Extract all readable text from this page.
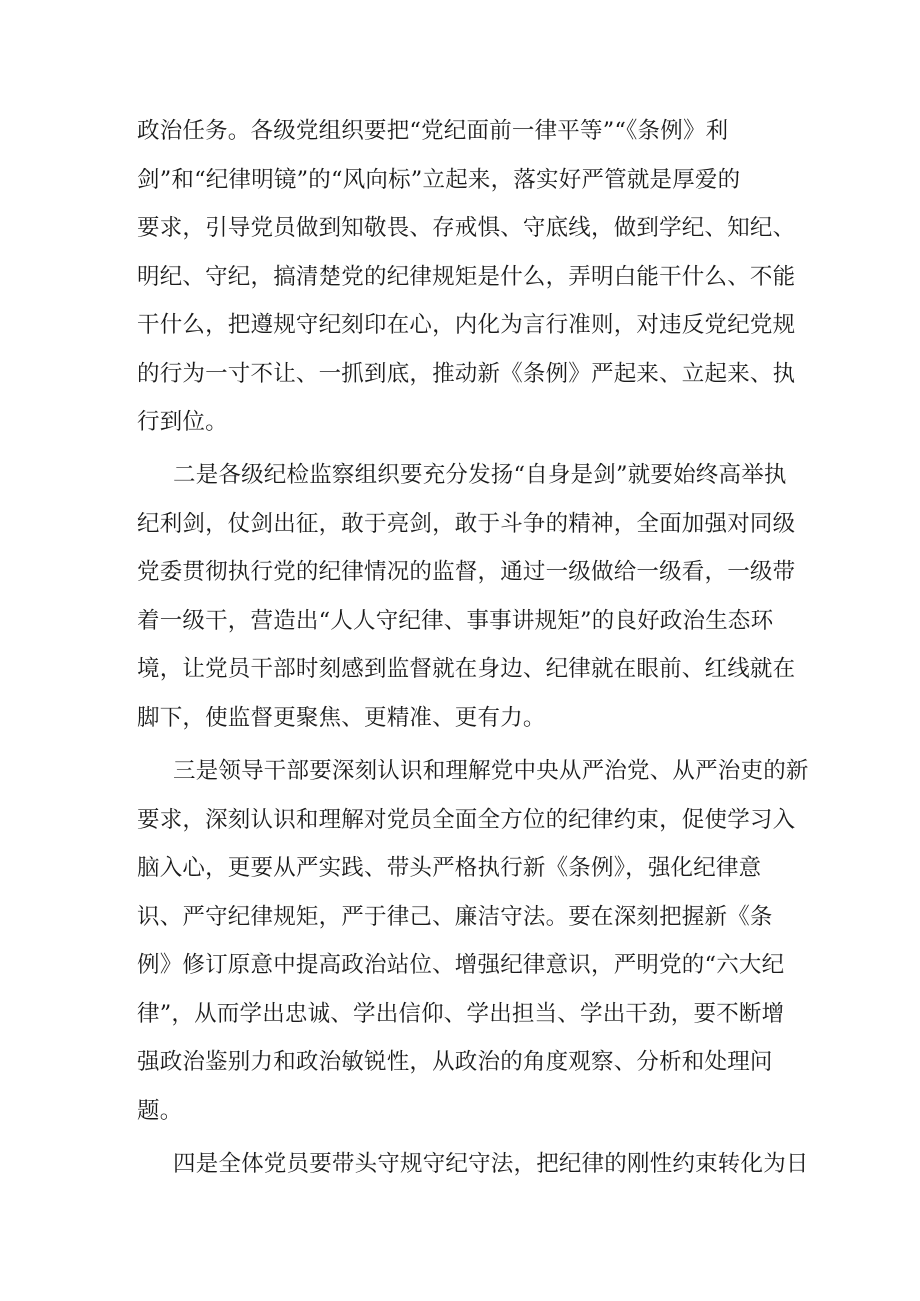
政治任务。各级党组织要把“党纪面前一律平等”“《条例》利

剑”和“纪律明镜”的“风向标”立起来，落实好严管就是厚爱的

要求，引导党员做到知敬畏、存戒惧、守底线，做到学纪、知纪、

明纪、守纪，搞清楚党的纪律规矩是什么，弄明白能干什么、不能

干什么，把遵规守纪刻印在心，内化为言行准则，对违反党纪党规

的行为一寸不让、一抓到底，推动新《条例》严起来、立起来、执

行到位。

二是各级纪检监察组织要充分发扬“自身是剑”就要始终高举执

纪利剑，仗剑出征，敢于亮剑，敢于斗争的精神，全面加强对同级

党委贯彻执行党的纪律情况的监督，通过一级做给一级看，一级带

着一级干，营造出“人人守纪律、事事讲规矩”的良好政治生态环

境，让党员干部时刻感到监督就在身边、纪律就在眼前、红线就在

脚下，使监督更聚焦、更精准、更有力。

三是领导干部要深刻认识和理解党中央从严治党、从严治吏的新

要求，深刻认识和理解对党员全面全方位的纪律约束，促使学习入

脑入心，更要从严实践、带头严格执行新《条例》，强化纪律意

识、严守纪律规矩，严于律己、廉洁守法。要在深刻把握新《条

例》修订原意中提高政治站位、增强纪律意识，严明党的“六大纪

律”，从而学出忠诚、学出信仰、学出担当、学出干劲，要不断增

强政治鉴别力和政治敏锐性，从政治的角度观察、分析和处理问

题。

四是全体党员要带头守规守纪守法，把纪律的刚性约束转化为日
